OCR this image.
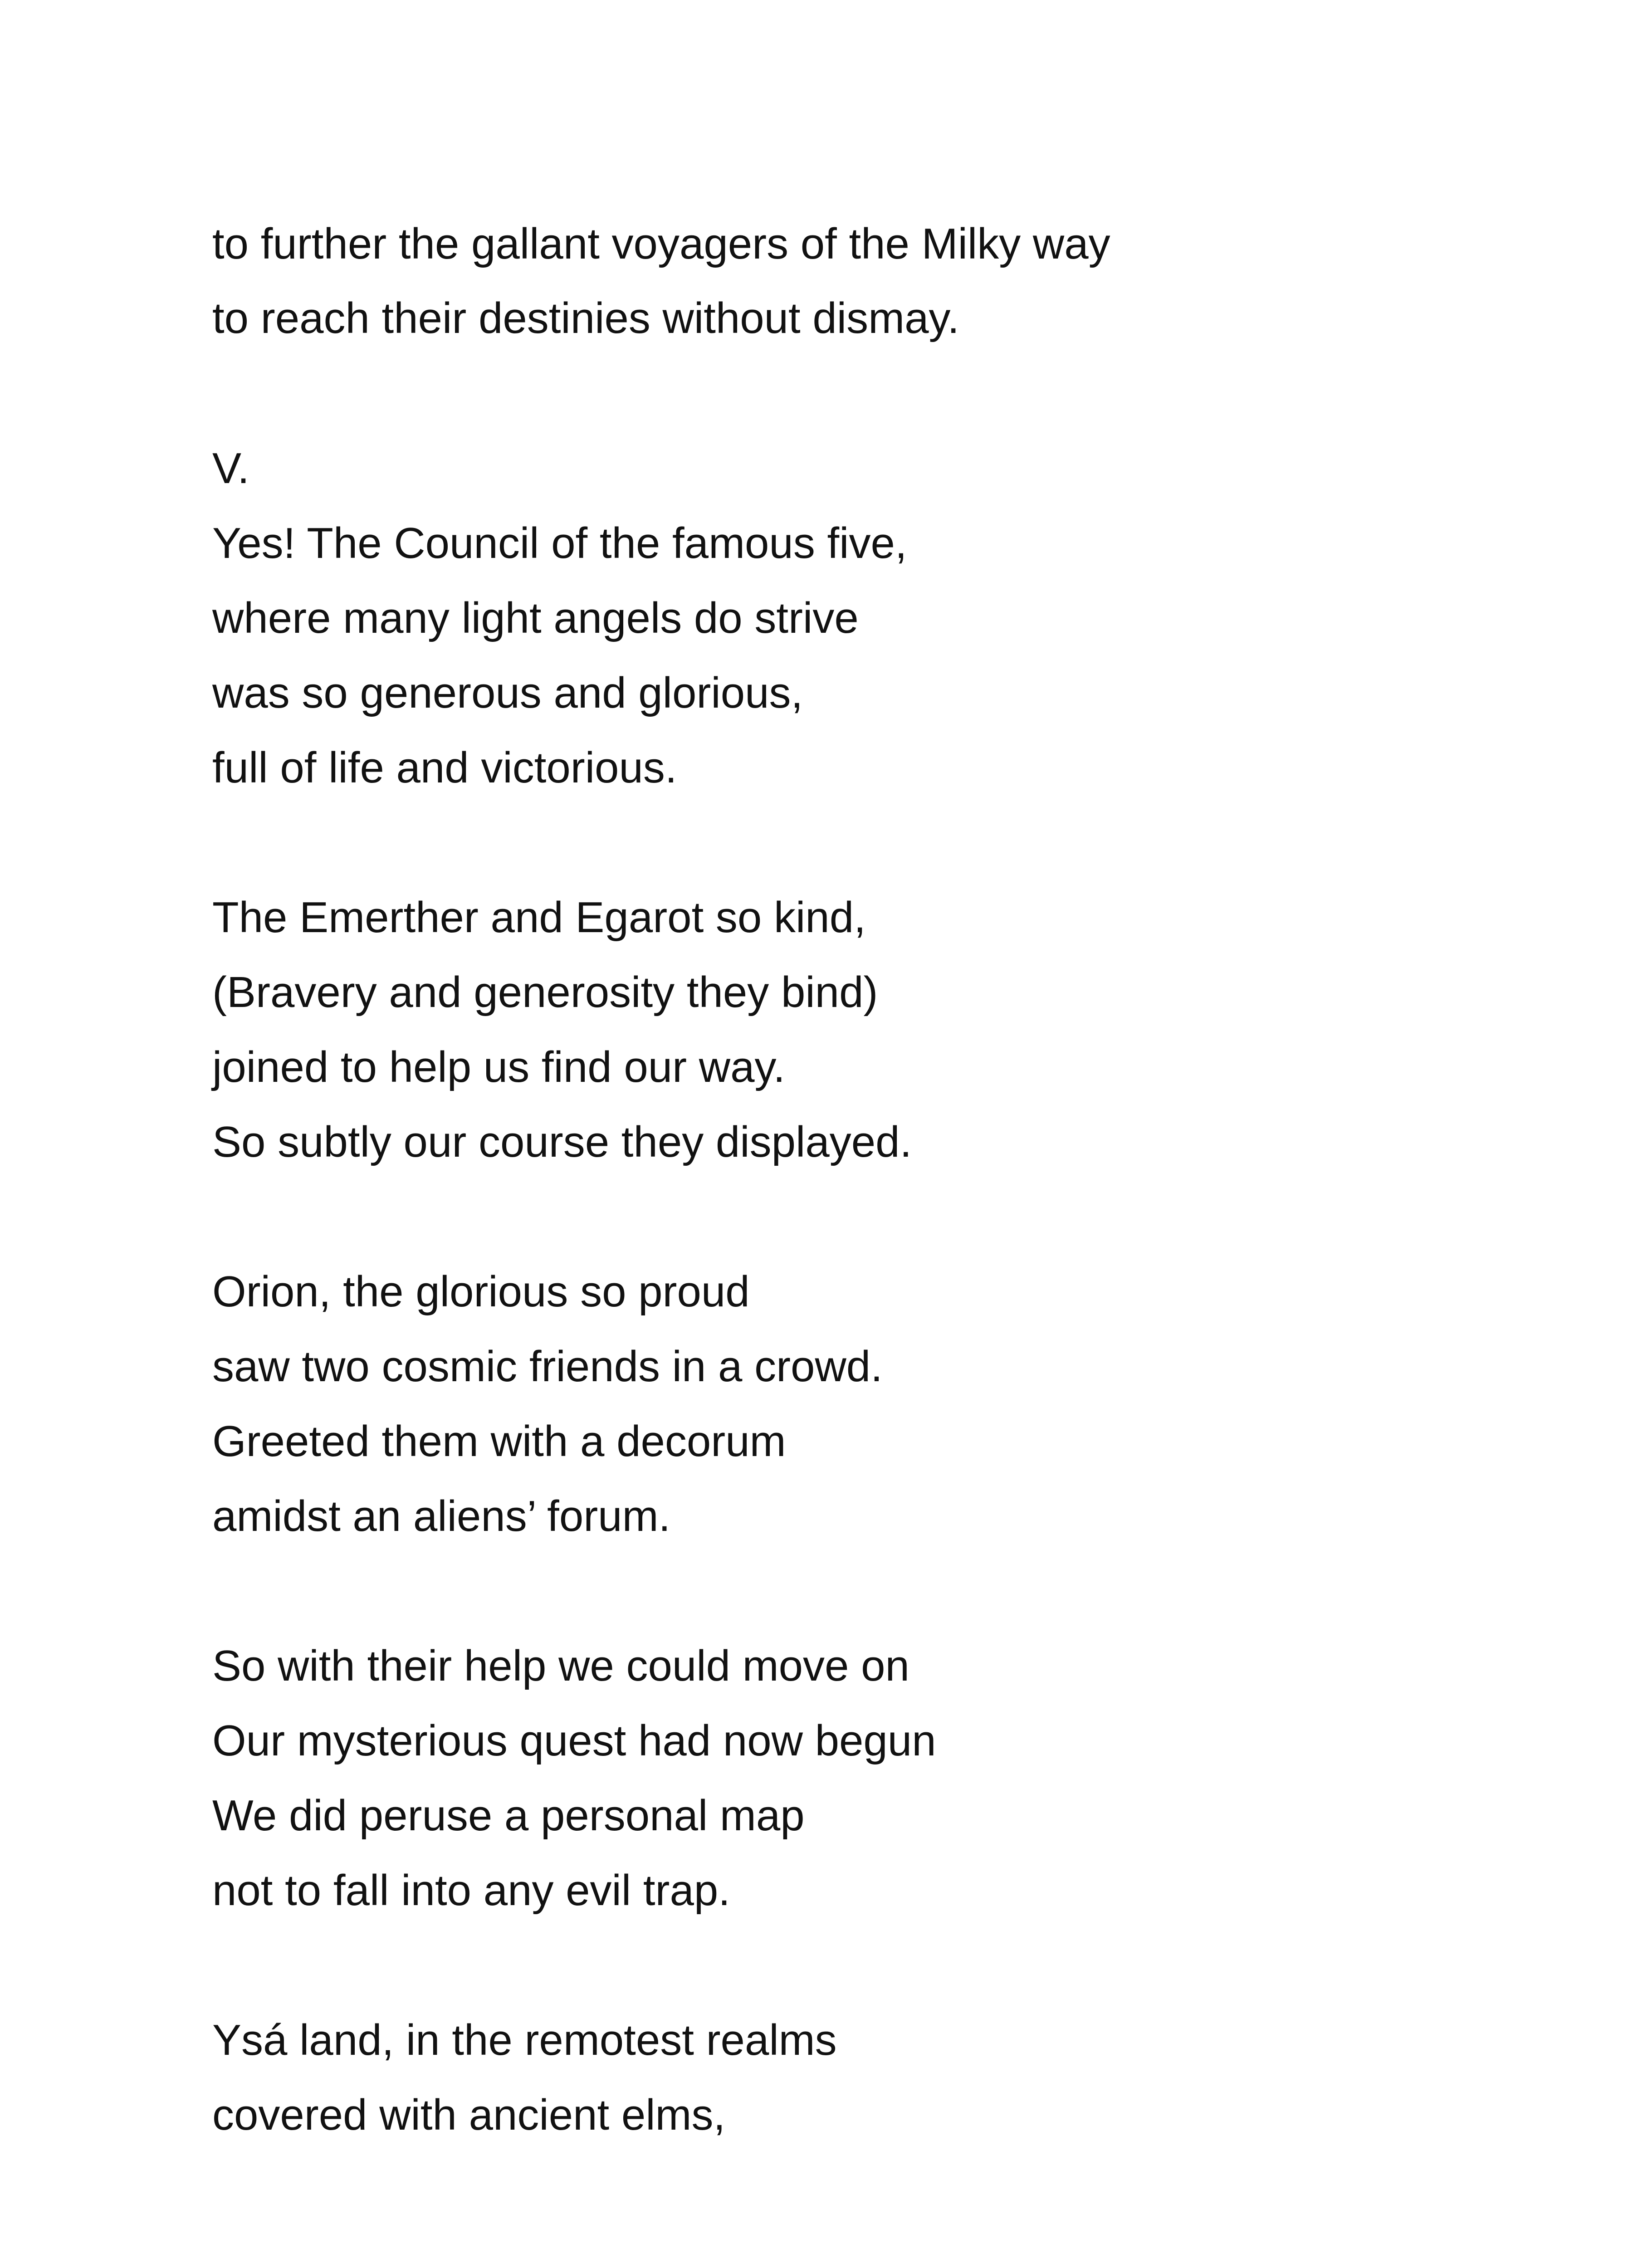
to further the gallant voyagers of the Milky way
to reach their destinies without dismay.
V.
Yes! The Council of the famous five,
where many light angels do strive
was so generous and glorious,
full of life and victorious.
The Emerther and Egarot so kind,
(Bravery and generosity they bind)
joined to help us find our way.
So subtly our course they displayed.
Orion, the glorious so proud
saw two cosmic friends in a crowd.
Greeted them with a decorum
amidst an aliens’ forum.
So with their help we could move on
Our mysterious quest had now begun
We did peruse a personal map
not to fall into any evil trap.
Ysá land, in the remotest realms
covered with ancient elms,
